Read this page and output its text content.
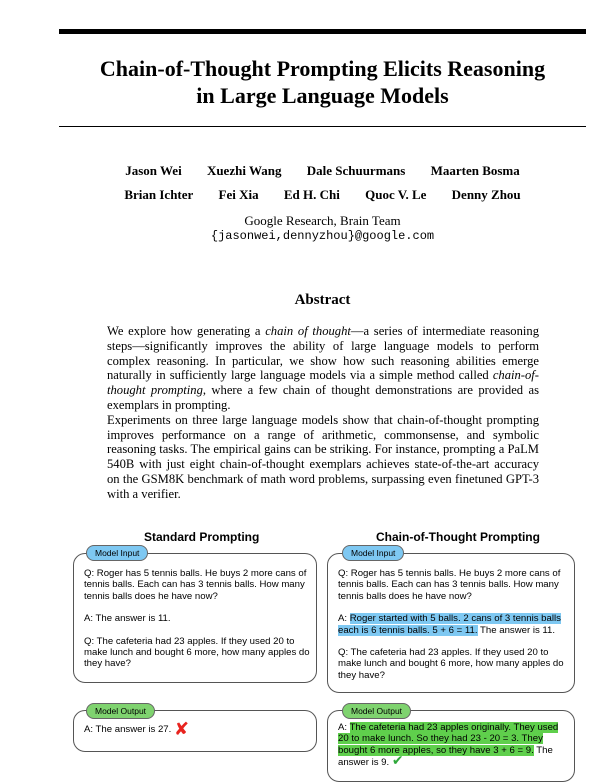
Chain-of-Thought Prompting Elicits Reasoning
in Large Language Models
Jason Wei Xuezhi Wang Dale Schuurmans Maarten Bosma
Brian Ichter Fei Xia Ed H. Chi Quoc V. Le Denny Zhou
Google Research, Brain Team
{jasonwei,dennyzhou}@google.com
Abstract

We explore how generating a chain of thought—a series of intermediate reasoning steps—significantly improves the ability of large language models to perform complex reasoning. In particular, we show how such reasoning abilities emerge naturally in sufficiently large language models via a simple method called chain-of-thought prompting, where a few chain of thought demonstrations are provided as exemplars in prompting.

Experiments on three large language models show that chain-of-thought prompting improves performance on a range of arithmetic, commonsense, and symbolic reasoning tasks. The empirical gains can be striking. For instance, prompting a PaLM 540B with just eight chain-of-thought exemplars achieves state-of-the-art accuracy on the GSM8K benchmark of math word problems, surpassing even finetuned GPT-3 with a verifier.

Standard Prompting	Chain-of-Thought Prompting

Q: Roger has 5 tennis balls. He buys 2 more cans of tennis balls. Each can has 3 tennis balls. How many tennis balls does he have now?

A: The answer is 11.

Q: The cafeteria had 23 apples. If they used 20 to make lunch and bought 6 more, how many apples do they have?

Model Input

Q: Roger has 5 tennis balls. He buys 2 more cans of tennis balls. Each can has 3 tennis balls. How many tennis balls does he have now?

A: Roger started with 5 balls. 2 cans of 3 tennis balls each is 6 tennis balls. 5 + 6 = 11. The answer is 11.

Q: The cafeteria had 23 apples. If they used 20 to make lunch and bought 6 more, how many apples do they have?

Model Input

A: The answer is 27. ✘

Model Output

A: The cafeteria had 23 apples originally. They used 20 to make lunch. So they had 23 - 20 = 3. They bought 6 more apples, so they have 3 + 6 = 9. The answer is 9. ✔

Model Output
